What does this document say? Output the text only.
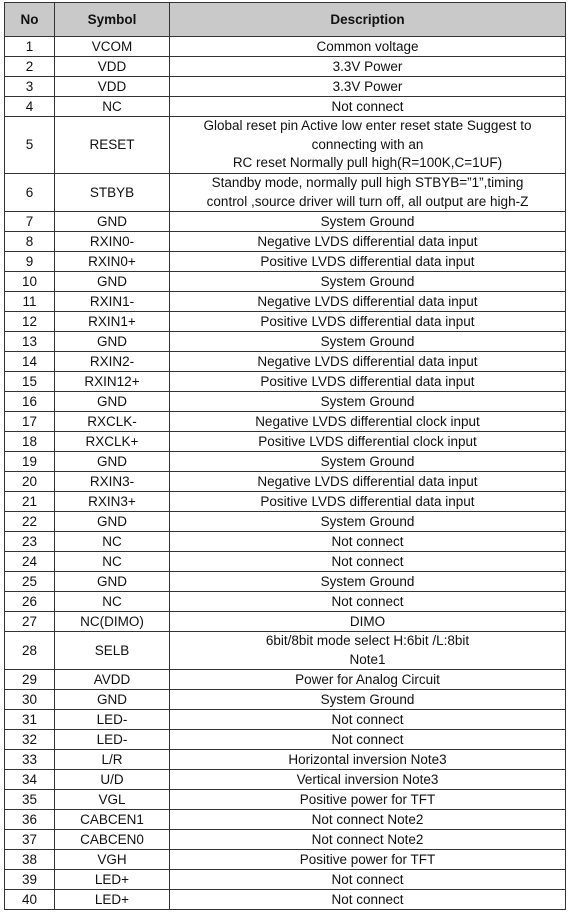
No	Symbol	Description
1	VCOM	Common voltage

2	VDD	3.3V Power

3	VDD	3.3V Power

4	NC	Not connect

5	RESET	Global reset pin Active low enter reset state Suggest to
connecting with an
RC reset Normally pull high(R=100K,C=1UF)

6	STBYB	Standby mode, normally pull high STBYB=”1”,timing
control ,source driver will turn off, all output are high-Z

7	GND	System Ground

8	RXIN0-	Negative LVDS differential data input

9	RXIN0+	Positive LVDS differential data input

10	GND	System Ground

11	RXIN1-	Negative LVDS differential data input

12	RXIN1+	Positive LVDS differential data input

13	GND	System Ground

14	RXIN2-	Negative LVDS differential data input

15	RXIN12+	Positive LVDS differential data input

16	GND	System Ground

17	RXCLK-	Negative LVDS differential clock input

18	RXCLK+	Positive LVDS differential clock input

19	GND	System Ground

20	RXIN3-	Negative LVDS differential data input

21	RXIN3+	Positive LVDS differential data input

22	GND	System Ground

23	NC	Not connect

24	NC	Not connect

25	GND	System Ground

26	NC	Not connect

27	NC(DIMO)	DIMO

28	SELB	6bit/8bit mode select H:6bit /L:8bit
Note1

29	AVDD	Power for Analog Circuit

30	GND	System Ground

31	LED-	Not connect

32	LED-	Not connect

33	L/R	Horizontal inversion Note3

34	U/D	Vertical inversion Note3

35	VGL	Positive power for TFT

36	CABCEN1	Not connect Note2

37	CABCEN0	Not connect Note2

38	VGH	Positive power for TFT

39	LED+	Not connect

40	LED+	Not connect
